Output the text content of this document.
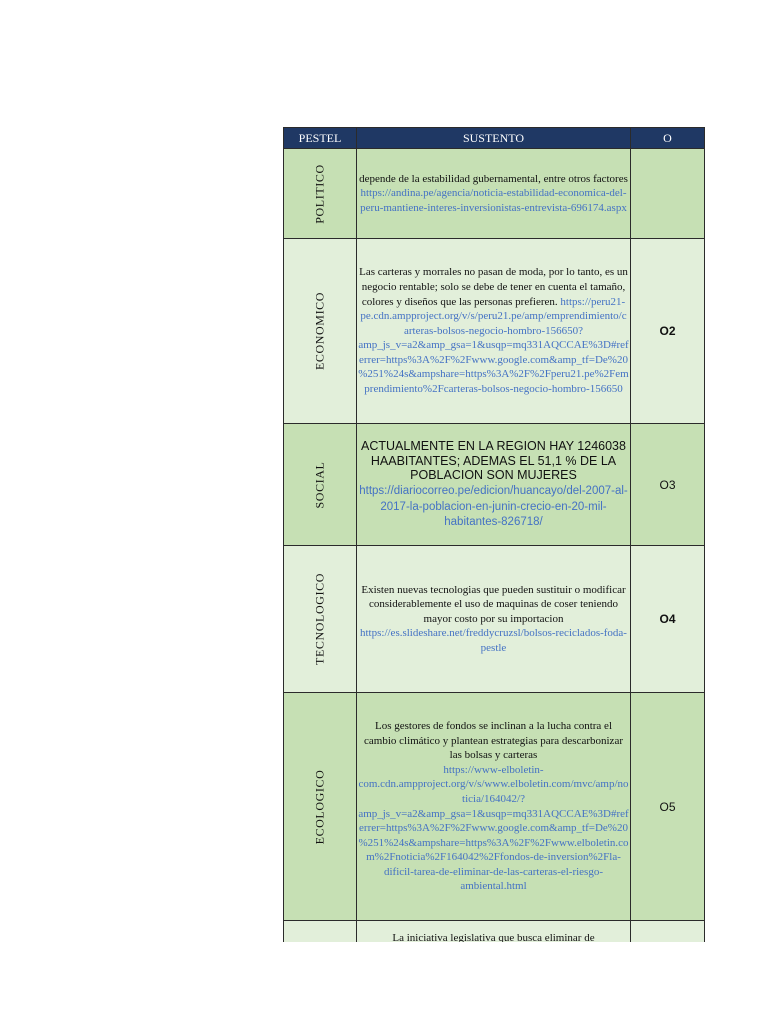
PESTEL	SUSTENTO	O

POLITICO	depende de la estabilidad gubernamental, entre otros factores
https://andina.pe/agencia/noticia-estabilidad-economica-del-peru-mantiene-interes-inversionistas-entrevista-696174.aspx	

ECONOMICO	Las carteras y morrales no pasan de moda, por lo tanto, es un negocio rentable; solo se debe de tener en cuenta el tamaño, colores y diseños que las personas prefieren. https://peru21-pe.cdn.ampproject.org/v/s/peru21.pe/amp/emprendimiento/carteras-bolsos-negocio-hombro-156650?amp_js_v=a2&amp_gsa=1&usqp=mq331AQCCAE%3D#referrer=https%3A%2F%2Fwww.google.com&amp_tf=De%20%251%24s&ampshare=https%3A%2F%2Fperu21.pe%2Femprendimiento%2Fcarteras-bolsos-negocio-hombro-156650	O2

SOCIAL	ACTUALMENTE EN LA REGION HAY 1246038 HAABITANTES; ADEMAS EL 51,1 % DE LA POBLACION SON MUJERES
https://diariocorreo.pe/edicion/huancayo/del-2007-al-2017-la-poblacion-en-junin-crecio-en-20-mil-habitantes-826718/	O3

TECNOLOGICO	Existen nuevas tecnologias que pueden sustituir o modificar considerablemente el uso de maquinas de coser teniendo mayor costo por su importacion
https://es.slideshare.net/freddycruzsl/bolsos-reciclados-foda-pestle	O4

ECOLOGICO	Los gestores de fondos se inclinan a la lucha contra el cambio climático y plantean estrategias para descarbonizar las bolsas y carteras
https://www-elboletin-com.cdn.ampproject.org/v/s/www.elboletin.com/mvc/amp/noticia/164042/?amp_js_v=a2&amp_gsa=1&usqp=mq331AQCCAE%3D#referrer=https%3A%2F%2Fwww.google.com&amp_tf=De%20%251%24s&ampshare=https%3A%2F%2Fwww.elboletin.com%2Fnoticia%2F164042%2Ffondos-de-inversion%2Fla-dificil-tarea-de-eliminar-de-las-carteras-el-riesgo-ambiental.html	O5

	La iniciativa legislativa que busca eliminar de	
